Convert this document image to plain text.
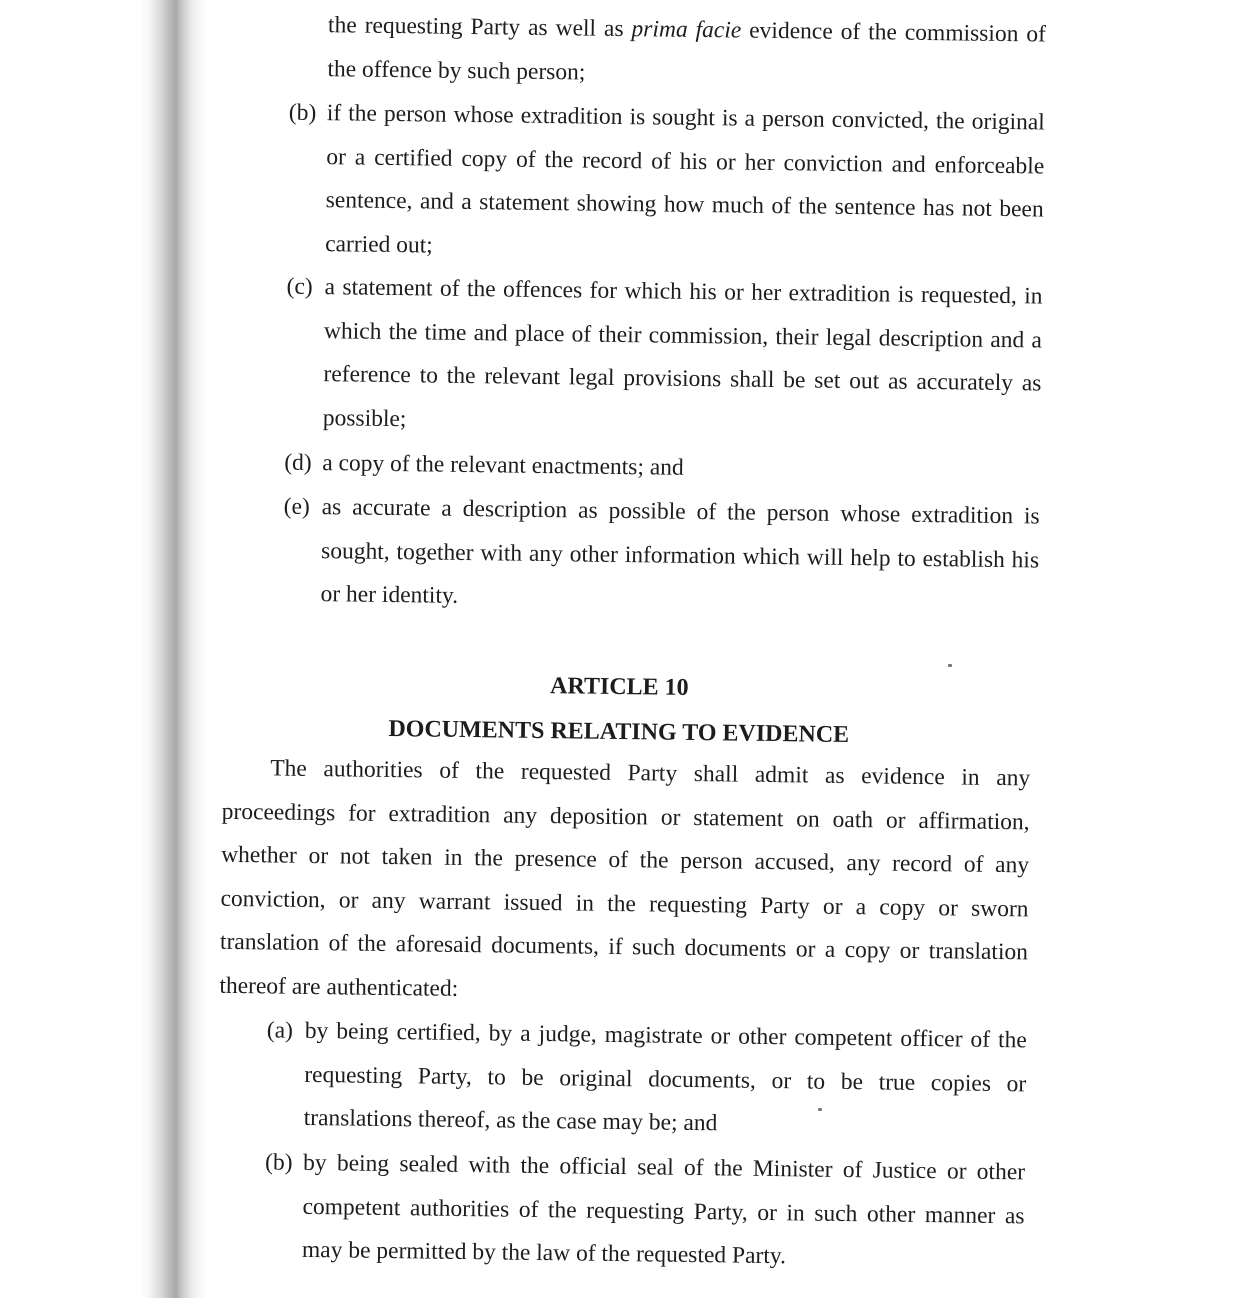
the requesting Party as well as prima facie evidence of the commission of the offence by such person;
(b) if the person whose extradition is sought is a person convicted, the original or a certified copy of the record of his or her conviction and enforceable sentence, and a statement showing how much of the sentence has not been carried out;
(c) a statement of the offences for which his or her extradition is requested, in which the time and place of their commission, their legal description and a reference to the relevant legal provisions shall be set out as accurately as possible;
(d) a copy of the relevant enactments; and
(e) as accurate a description as possible of the person whose extradition is sought, together with any other information which will help to establish his or her identity.
ARTICLE 10
DOCUMENTS RELATING TO EVIDENCE
The authorities of the requested Party shall admit as evidence in any proceedings for extradition any deposition or statement on oath or affirmation, whether or not taken in the presence of the person accused, any record of any conviction, or any warrant issued in the requesting Party or a copy or sworn translation of the aforesaid documents, if such documents or a copy or translation thereof are authenticated:
(a) by being certified, by a judge, magistrate or other competent officer of the requesting Party, to be original documents, or to be true copies or translations thereof, as the case may be; and
(b) by being sealed with the official seal of the Minister of Justice or other competent authorities of the requesting Party, or in such other manner as may be permitted by the law of the requested Party.
